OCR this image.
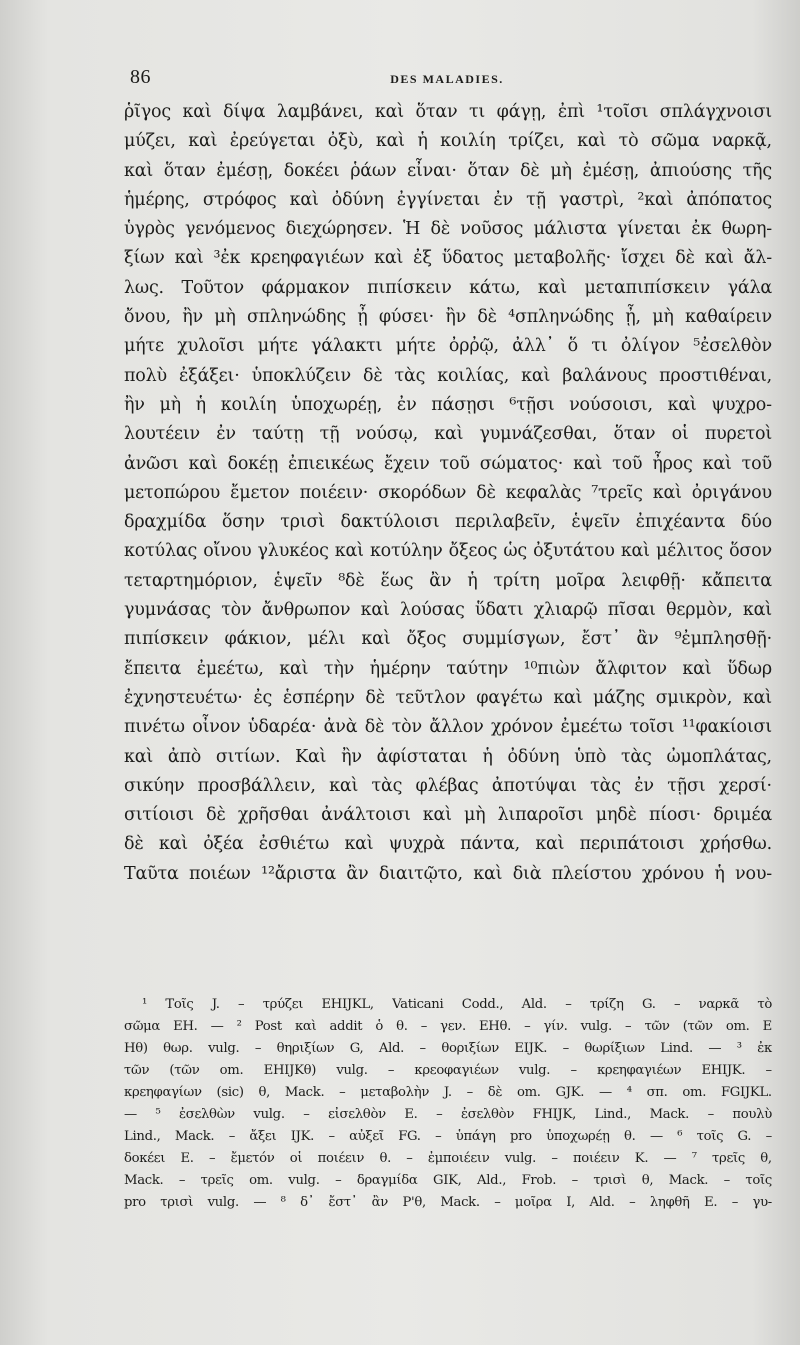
86	DES MALADIES.
ῥῖγος καὶ δίψα λαμβάνει, καὶ ὅταν τι φάγῃ, ἐπὶ ¹τοῖσι σπλάγχνοισι
μύζει, καὶ ἐρεύγεται ὀξὺ, καὶ ἡ κοιλίη τρίζει, καὶ τὸ σῶμα ναρκᾷ,
καὶ ὅταν ἐμέσῃ, δοκέει ῥάων εἶναι· ὅταν δὲ μὴ ἐμέσῃ, ἀπιούσης τῆς
ἡμέρης, στρόφος καὶ ὀδύνη ἐγγίνεται ἐν τῇ γαστρὶ, ²καὶ ἀπόπατος
ὑγρὸς γενόμενος διεχώρησεν. Ἡ δὲ νοῦσος μάλιστα γίνεται ἐκ θωρη-
ξίων καὶ ³ἐκ κρεηφαγιέων καὶ ἐξ ὕδατος μεταβολῆς· ἴσχει δὲ καὶ ἄλ-
λως. Τοῦτον φάρμακον πιπίσκειν κάτω, καὶ μεταπιπίσκειν γάλα
ὄνου, ἢν μὴ σπληνώδης ᾖ φύσει· ἢν δὲ ⁴σπληνώδης ᾖ, μὴ καθαίρειν
μήτε χυλοῖσι μήτε γάλακτι μήτε ὀρῤῷ, ἀλλ᾿ ὅ τι ὀλίγον ⁵ἐσελθὸν
πολὺ ἐξάξει· ὑποκλύζειν δὲ τὰς κοιλίας, καὶ βαλάνους προστιθέναι,
ἢν μὴ ἡ κοιλίη ὑποχωρέῃ, ἐν πάσῃσι ⁶τῇσι νούσοισι, καὶ ψυχρο-
λουτέειν ἐν ταύτῃ τῇ νούσῳ, καὶ γυμνάζεσθαι, ὅταν οἱ πυρετοὶ
ἀνῶσι καὶ δοκέῃ ἐπιεικέως ἔχειν τοῦ σώματος· καὶ τοῦ ἦρος καὶ τοῦ
μετοπώρου ἔμετον ποιέειν· σκορόδων δὲ κεφαλὰς ⁷τρεῖς καὶ ὀριγάνου
δραχμίδα ὅσην τρισὶ δακτύλοισι περιλαβεῖν, ἑψεῖν ἐπιχέαντα δύο
κοτύλας οἴνου γλυκέος καὶ κοτύλην ὄξεος ὡς ὀξυτάτου καὶ μέλιτος ὅσον
τεταρτημόριον, ἑψεῖν ⁸δὲ ἕως ἂν ἡ τρίτη μοῖρα λειφθῇ· κἄπειτα
γυμνάσας τὸν ἄνθρωπον καὶ λούσας ὕδατι χλιαρῷ πῖσαι θερμὸν, καὶ
πιπίσκειν φάκιον, μέλι καὶ ὄξος συμμίσγων, ἔστ᾿ ἂν ⁹ἐμπλησθῇ·
ἔπειτα ἐμεέτω, καὶ τὴν ἡμέρην ταύτην ¹⁰πιὼν ἄλφιτον καὶ ὕδωρ
ἐχνηστευέτω· ἐς ἑσπέρην δὲ τεῦτλον φαγέτω καὶ μάζης σμικρὸν, καὶ
πινέτω οἶνον ὑδαρέα· ἀνὰ δὲ τὸν ἄλλον χρόνον ἐμεέτω τοῖσι ¹¹φακίοισι
καὶ ἀπὸ σιτίων. Καὶ ἢν ἀφίσταται ἡ ὀδύνη ὑπὸ τὰς ὠμοπλάτας,
σικύην προσβάλλειν, καὶ τὰς φλέβας ἀποτύψαι τὰς ἐν τῇσι χερσί·
σιτίοισι δὲ χρῆσθαι ἀνάλτοισι καὶ μὴ λιπαροῖσι μηδὲ πίοσι· δριμέα
δὲ καὶ ὀξέα ἐσθιέτω καὶ ψυχρὰ πάντα, καὶ περιπάτοισι χρήσθω.
Ταῦτα ποιέων ¹²ἄριστα ἂν διαιτῷτο, καὶ διὰ πλείστου χρόνου ἡ νου-
¹ Τοῖς J. – τρύζει EHIJKL, Vaticani Codd., Ald. – τρίζη G. – ναρκᾶ τὸ
σῶμα EH. — ² Post καὶ addit ὁ θ. – γεν. EHθ. – γίν. vulg. – τῶν (τῶν om. E
Hθ) θωρ. vulg. – θηριξίων G, Ald. – θοριξίων EIJK. – θωρίξιων Lind. — ³ ἐκ
τῶν (τῶν om. EHIJKθ) vulg. – κρεοφαγιέων vulg. – κρεηφαγιέων EHIJK. –
κρεηφαγίων (sic) θ, Mack. – μεταβολὴν J. – δὲ om. GJK. — ⁴ σπ. om. FGIJKL.
— ⁵ ἐσελθὼν vulg. – εἰσελθὸν E. – ἐσελθὸν FHIJK, Lind., Mack. – πουλὺ
Lind., Mack. – ἄξει IJK. – αὐξεῖ FG. – ὑπάγη pro ὑποχωρέῃ θ. — ⁶ τοῖς G. –
δοκέει E. – ἔμετόν οἱ ποιέειν θ. – ἐμποιέειν vulg. – ποιέειν K. — ⁷ τρεῖς θ,
Mack. – τρεῖς om. vulg. – δραγμίδα GIK, Ald., Frob. – τρισὶ θ, Mack. – τοῖς
pro τρισὶ vulg. — ⁸ δ᾿ ἔστ᾿ ἂν P'θ, Mack. – μοῖρα I, Ald. – ληφθῆ E. – γυ-
